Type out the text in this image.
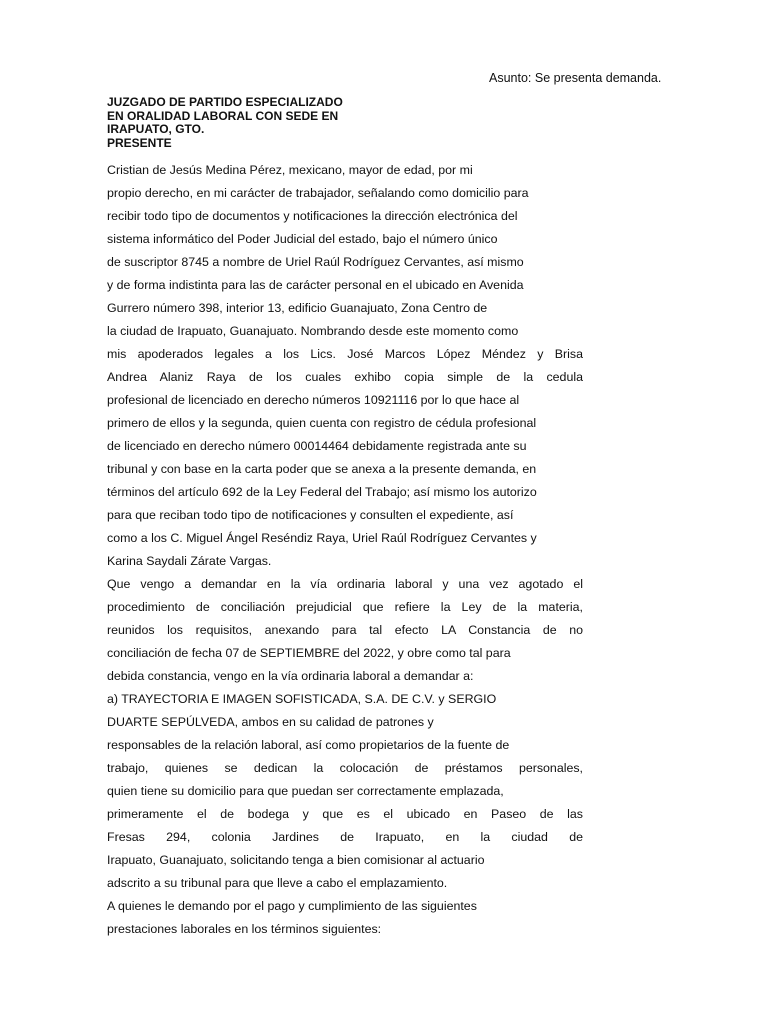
Asunto: Se presenta demanda.
JUZGADO DE PARTIDO ESPECIALIZADO
EN ORALIDAD LABORAL CON SEDE EN
IRAPUATO, GTO.
PRESENTE
Cristian de Jesús Medina Pérez, mexicano, mayor de edad, por mi
propio derecho, en mi carácter de trabajador, señalando como domicilio para
recibir todo tipo de documentos y notificaciones la dirección electrónica del
sistema informático del Poder Judicial del estado, bajo el número único
de suscriptor 8745 a nombre de Uriel Raúl Rodríguez Cervantes, así mismo
y de forma indistinta para las de carácter personal en el ubicado en Avenida
Gurrero número 398, interior 13, edificio Guanajuato, Zona Centro de
la ciudad de Irapuato, Guanajuato. Nombrando desde este momento como
mis apoderados legales a los Lics. José Marcos López Méndez y Brisa
Andrea Alaniz Raya de los cuales exhibo copia simple de la cedula
profesional de licenciado en derecho números 10921116 por lo que hace al
primero de ellos y la segunda, quien cuenta con registro de cédula profesional
de licenciado en derecho número 00014464 debidamente registrada ante su
tribunal y con base en la carta poder que se anexa a la presente demanda, en
términos del artículo 692 de la Ley Federal del Trabajo; así mismo los autorizo
para que reciban todo tipo de notificaciones y consulten el expediente, así
como a los C. Miguel Ángel Reséndiz Raya, Uriel Raúl Rodríguez Cervantes y
Karina Saydali Zárate Vargas.
Que vengo a demandar en la vía ordinaria laboral y una vez agotado el
procedimiento de conciliación prejudicial que refiere la Ley de la materia,
reunidos los requisitos, anexando para tal efecto LA Constancia de no
conciliación de fecha 07 de SEPTIEMBRE del 2022, y obre como tal para
debida constancia, vengo en la vía ordinaria laboral a demandar a:
a) TRAYECTORIA E IMAGEN SOFISTICADA, S.A. DE C.V. y SERGIO
DUARTE SEPÚLVEDA, ambos en su calidad de patrones y
responsables de la relación laboral, así como propietarios de la fuente de
trabajo, quienes se dedican la colocación de préstamos personales,
quien tiene su domicilio para que puedan ser correctamente emplazada,
primeramente el de bodega y que es el ubicado en Paseo de las
Fresas 294, colonia Jardines de Irapuato, en la ciudad de
Irapuato, Guanajuato, solicitando tenga a bien comisionar al actuario
adscrito a su tribunal para que lleve a cabo el emplazamiento.
A quienes le demando por el pago y cumplimiento de las siguientes
prestaciones laborales en los términos siguientes:
